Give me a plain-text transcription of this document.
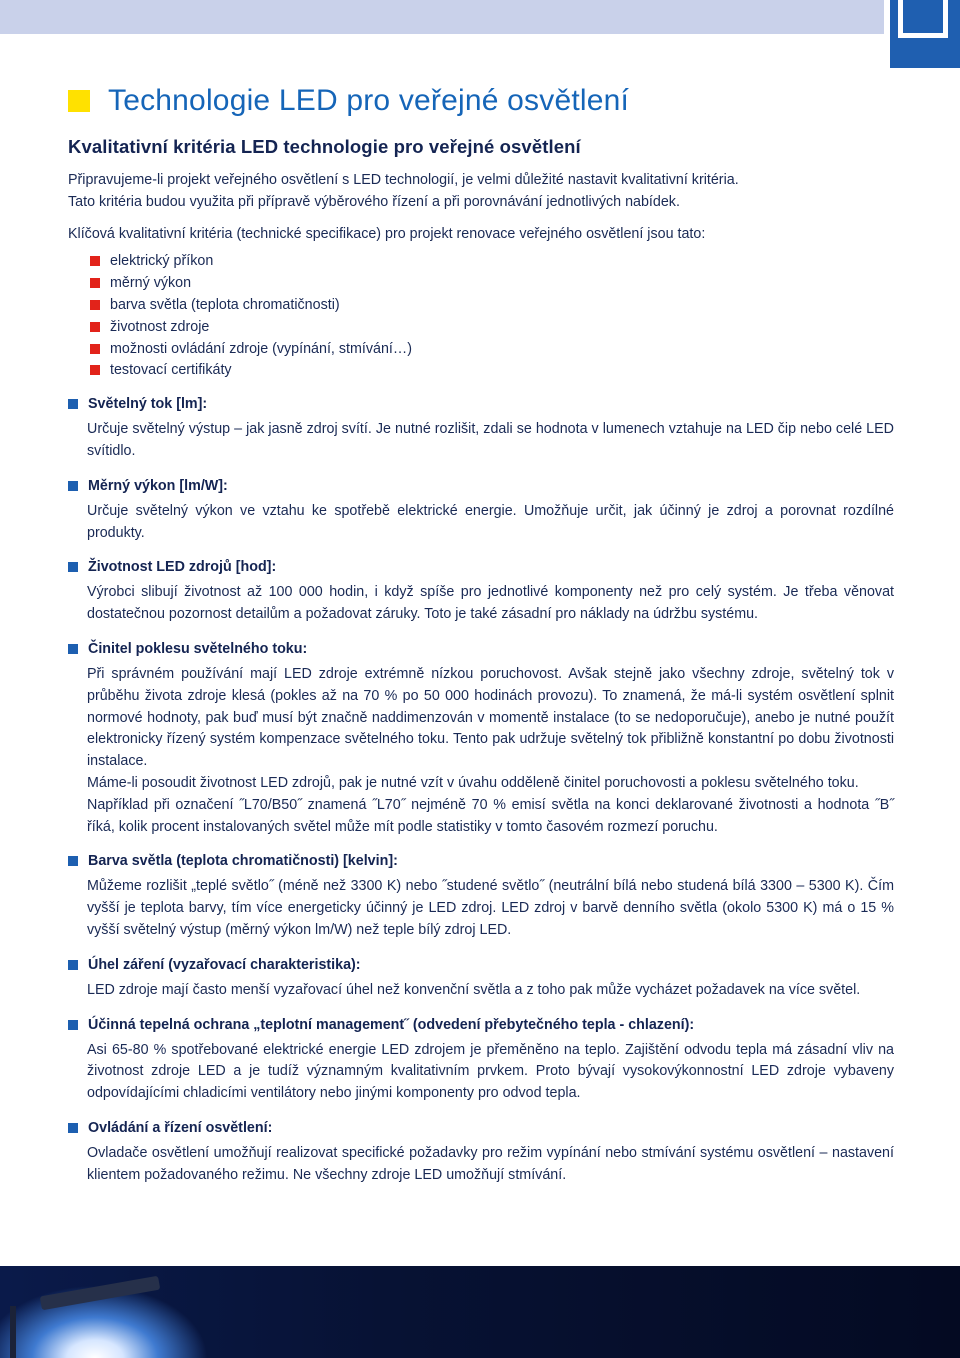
Technologie LED pro veřejné osvětlení
Kvalitativní kritéria LED technologie pro veřejné osvětlení
Připravujeme-li projekt veřejného osvětlení s LED technologií, je velmi důležité nastavit kvalitativní kritéria.
Tato kritéria budou využita při přípravě výběrového řízení a při porovnávání jednotlivých nabídek.
Klíčová kvalitativní kritéria (technické specifikace) pro projekt renovace veřejného osvětlení jsou tato:
elektrický příkon
měrný výkon
barva světla (teplota chromatičnosti)
životnost zdroje
možnosti ovládání zdroje (vypínání, stmívání…)
testovací certifikáty
Světelný tok [lm]:

Určuje světelný výstup – jak jasně zdroj svítí. Je nutné rozlišit, zdali se hodnota v lumenech vztahuje na LED čip nebo celé LED svítidlo.

Měrný výkon [lm/W]:

Určuje světelný výkon ve vztahu ke spotřebě elektrické energie. Umožňuje určit, jak účinný je zdroj a porovnat rozdílné produkty.

Životnost LED zdrojů [hod]:

Výrobci slibují životnost až 100 000 hodin, i když spíše pro jednotlivé komponenty než pro celý systém. Je třeba věnovat dostatečnou pozornost detailům a požadovat záruky. Toto je také zásadní pro náklady na údržbu systému.

Činitel poklesu světelného toku:

Při správném používání mají LED zdroje extrémně nízkou poruchovost. Avšak stejně jako všechny zdroje, světelný tok v průběhu života zdroje klesá (pokles až na 70 % po 50 000 hodinách provozu). To znamená, že má-li systém osvětlení splnit normové hodnoty, pak buď musí být značně naddimenzován v momentě instalace (to se nedoporučuje), anebo je nutné použít elektronicky řízený systém kompenzace světelného toku. Tento pak udržuje světelný tok přibližně konstantní po dobu životnosti instalace.

Máme-li posoudit životnost LED zdrojů, pak je nutné vzít v úvahu odděleně činitel poruchovosti a poklesu světelného toku.

Například při označení ˝L70/B50˝ znamená ˝L70˝ nejméně 70 % emisí světla na konci deklarované životnosti a hodnota ˝B˝ říká, kolik procent instalovaných světel může mít podle statistiky v tomto časovém rozmezí poruchu.

Barva světla (teplota chromatičnosti) [kelvin]:

Můžeme rozlišit „teplé světlo˝ (méně než 3300 K) nebo ˝studené světlo˝ (neutrální bílá nebo studená bílá 3300 – 5300 K). Čím vyšší je teplota barvy, tím více energeticky účinný je LED zdroj. LED zdroj v barvě denního světla (okolo 5300 K) má o 15 % vyšší světelný výstup (měrný výkon lm/W) než teple bílý zdroj LED.

Úhel záření (vyzařovací charakteristika):

LED zdroje mají často menší vyzařovací úhel než konvenční světla a z toho pak může vycházet požadavek na více světel.

Účinná tepelná ochrana „teplotní management˝ (odvedení přebytečného tepla - chlazení):

Asi 65-80 % spotřebované elektrické energie LED zdrojem je přeměněno na teplo. Zajištění odvodu tepla má zásadní vliv na životnost zdroje LED a je tudíž významným kvalitativním prvkem. Proto bývají vysokovýkonnostní LED zdroje vybaveny odpovídajícími chladicími ventilátory nebo jinými komponenty pro odvod tepla.

Ovládání a řízení osvětlení:

Ovladače osvětlení umožňují realizovat specifické požadavky pro režim vypínání nebo stmívání systému osvětlení – nastavení klientem požadovaného režimu. Ne všechny zdroje LED umožňují stmívání.
